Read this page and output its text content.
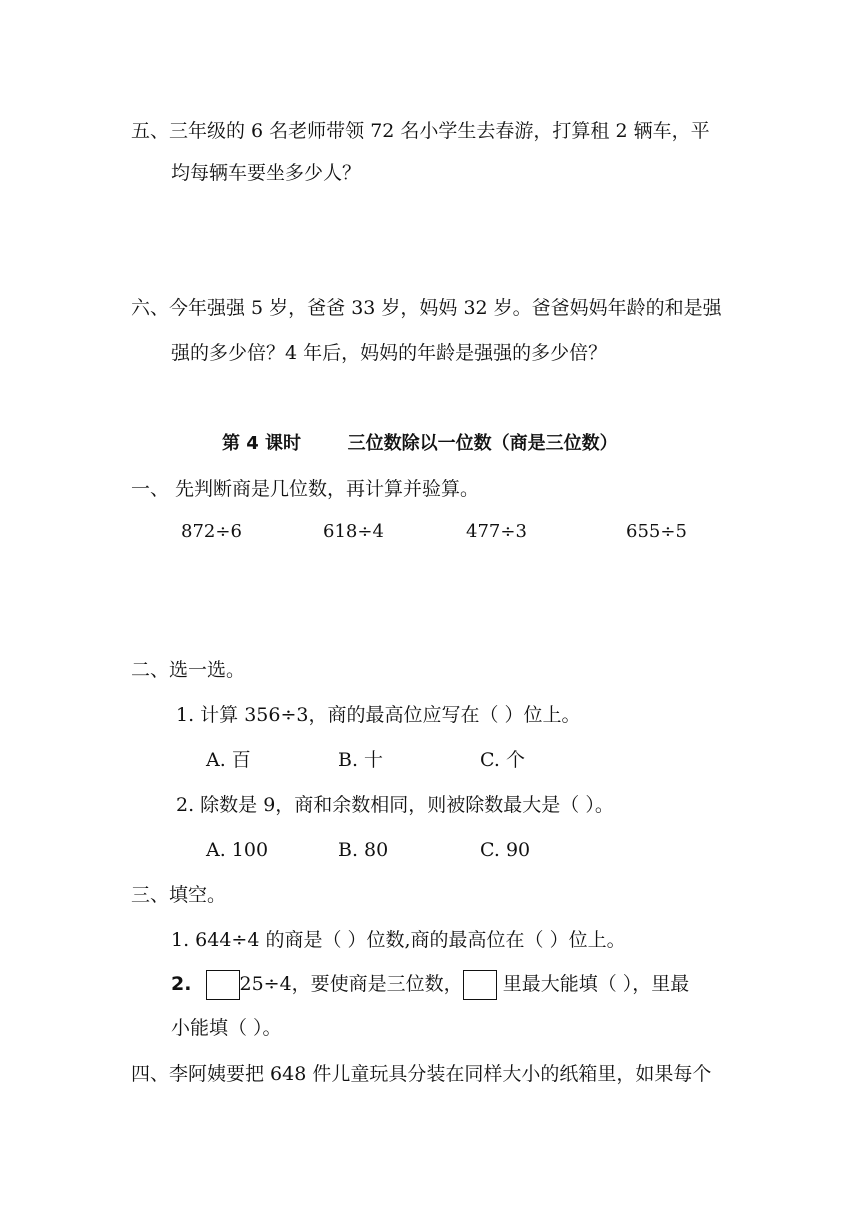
五、三年级的 6 名老师带领 72 名小学生去春游，打算租 2 辆车，平
均每辆车要坐多少人？
六、今年强强 5 岁，爸爸 33 岁，妈妈 32 岁。爸爸妈妈年龄的和是强
强的多少倍？4 年后，妈妈的年龄是强强的多少倍？
第 4 课时	三位数除以一位数（商是三位数）
一、 先判断商是几位数，再计算并验算。
872÷6	618÷4	477÷3	655÷5
二、选一选。
1. 计算 356÷3，商的最高位应写在（ ）位上。
A. 百	B. 十	C. 个
2. 除数是 9，商和余数相同，则被除数最大是（ ）。
A. 100	B. 80	C. 90
三、填空。
1. 644÷4 的商是（ ）位数,商的最高位在（ ）位上。
2.	25÷4，要使商是三位数， 里最大能填（ ），里最
小能填（ ）。
四、李阿姨要把 648 件儿童玩具分装在同样大小的纸箱里，如果每个
